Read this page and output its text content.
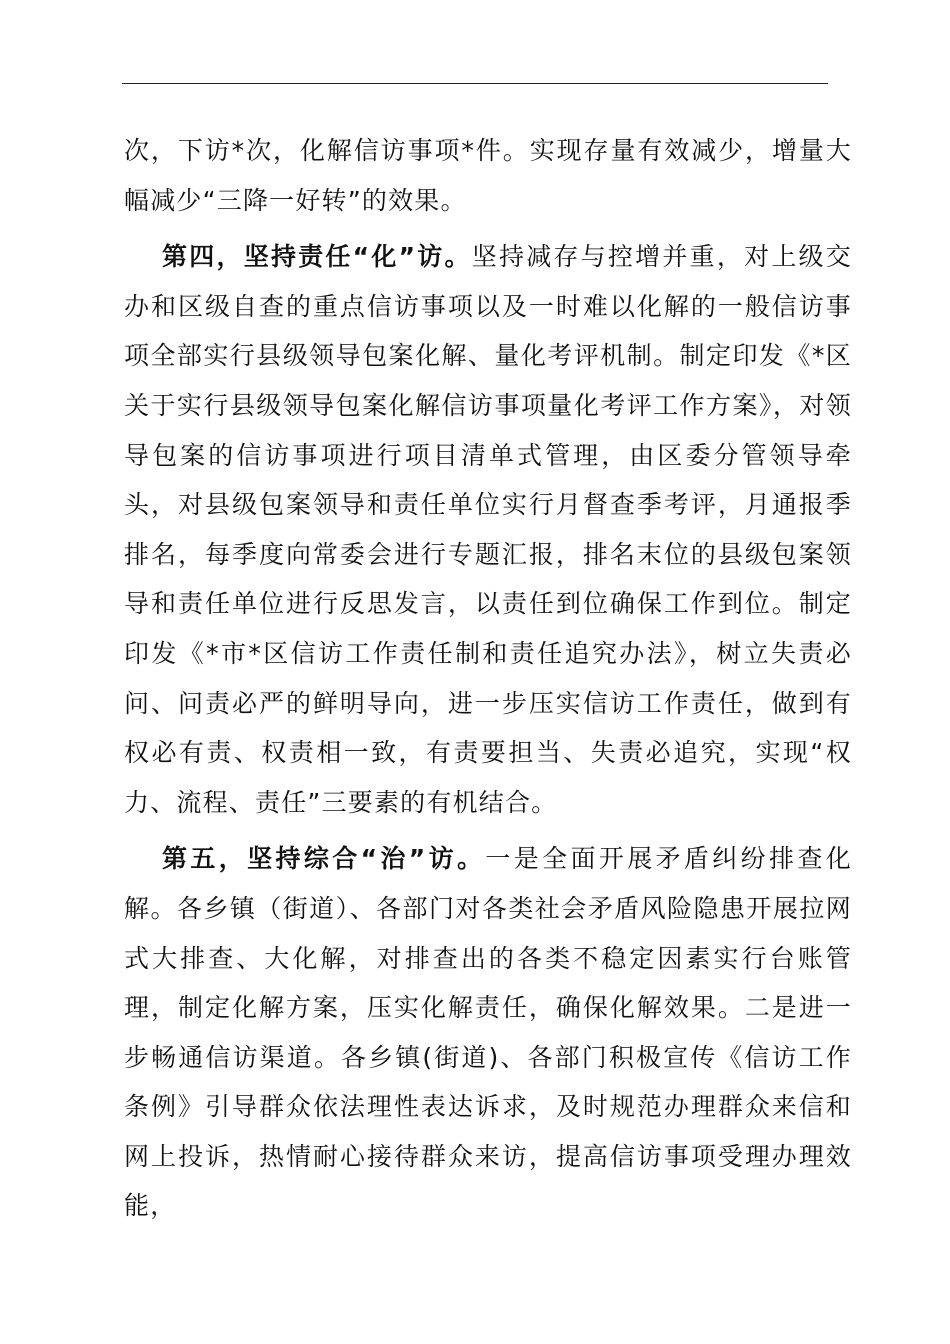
次，下访*次，化解信访事项*件。实现存量有效减少，增量大幅减少“三降一好转”的效果。

第四，坚持责任“化”访。坚持减存与控增并重，对上级交办和区级自查的重点信访事项以及一时难以化解的一般信访事项全部实行县级领导包案化解、量化考评机制。制定印发《*区关于实行县级领导包案化解信访事项量化考评工作方案》，对领导包案的信访事项进行项目清单式管理，由区委分管领导牵头，对县级包案领导和责任单位实行月督查季考评，月通报季排名，每季度向常委会进行专题汇报，排名末位的县级包案领导和责任单位进行反思发言，以责任到位确保工作到位。制定印发《*市*区信访工作责任制和责任追究办法》，树立失责必问、问责必严的鲜明导向，进一步压实信访工作责任，做到有权必有责、权责相一致，有责要担当、失责必追究，实现“权力、流程、责任”三要素的有机结合。

第五，坚持综合“治”访。一是全面开展矛盾纠纷排查化解。各乡镇（街道）、各部门对各类社会矛盾风险隐患开展拉网式大排查、大化解，对排查出的各类不稳定因素实行台账管理，制定化解方案，压实化解责任，确保化解效果。二是进一步畅通信访渠道。各乡镇(街道)、各部门积极宣传《信访工作条例》引导群众依法理性表达诉求，及时规范办理群众来信和网上投诉，热情耐心接待群众来访，提高信访事项受理办理效能，
